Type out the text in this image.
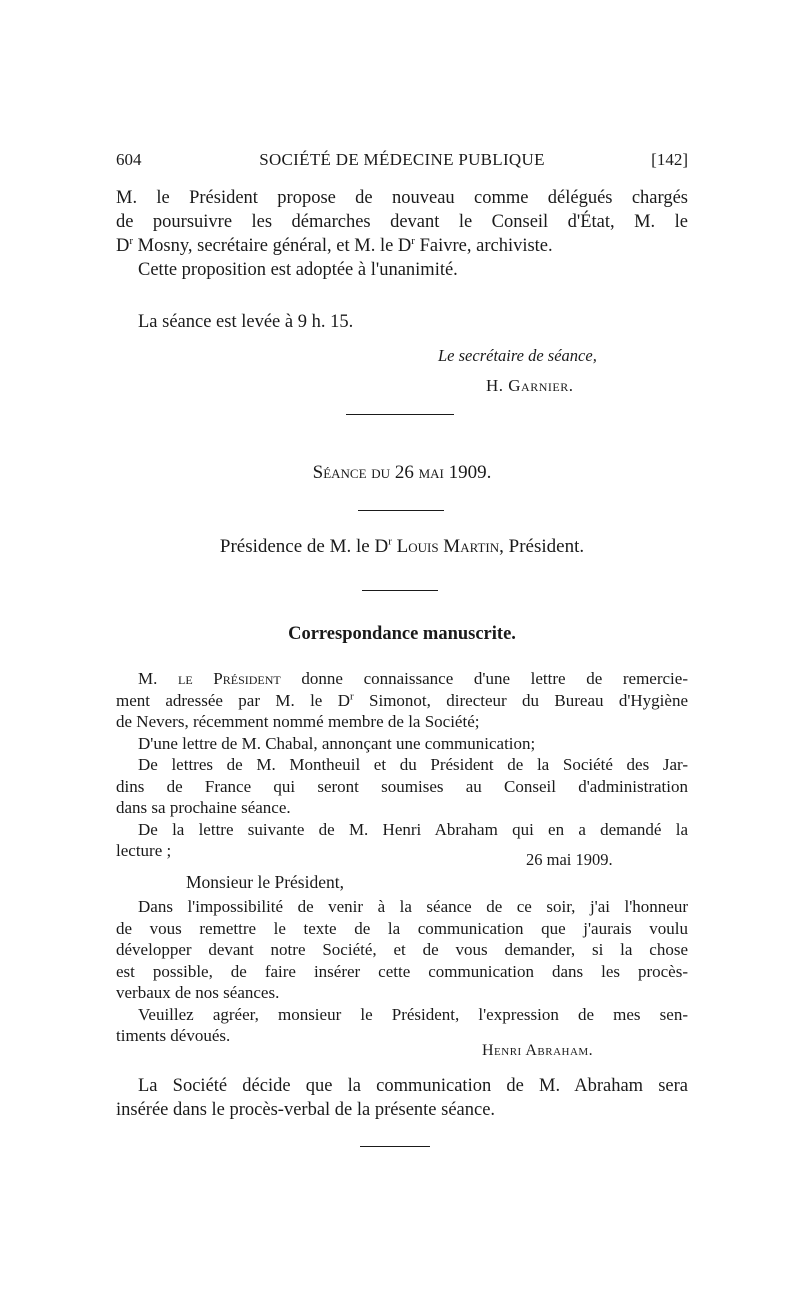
604	SOCIÉTÉ DE MÉDECINE PUBLIQUE	[142]
M. le Président propose de nouveau comme délégués chargés
de poursuivre les démarches devant le Conseil d'État, M. le
$D^r$ Mosny, secrétaire général, et M. le $D^r$ Faivre, archiviste.
Cette proposition est adoptée à l'unanimité.
La séance est levée à 9 h. 15.
Le secrétaire de séance,
H. Garnier.
Séance du 26 mai 1909.
Présidence de M. le $D^r$ Louis Martin, Président.
Correspondance manuscrite.
M. le Président donne connaissance d'une lettre de remercie-
ment adressée par M. le $D^r$ Simonot, directeur du Bureau d'Hygiène
de Nevers, récemment nommé membre de la Société;
D'une lettre de M. Chabal, annonçant une communication;
De lettres de M. Montheuil et du Président de la Société des Jar-
dins de France qui seront soumises au Conseil d'administration
dans sa prochaine séance.
De la lettre suivante de M. Henri Abraham qui en a demandé la
lecture ;	26 mai 1909.
Monsieur le Président,
Dans l'impossibilité de venir à la séance de ce soir, j'ai l'honneur
de vous remettre le texte de la communication que j'aurais voulu
développer devant notre Société, et de vous demander, si la chose
est possible, de faire insérer cette communication dans les procès-
verbaux de nos séances.
Veuillez agréer, monsieur le Président, l'expression de mes sen-
timents dévoués.
Henri Abraham.
La Société décide que la communication de M. Abraham sera
insérée dans le procès-verbal de la présente séance.
